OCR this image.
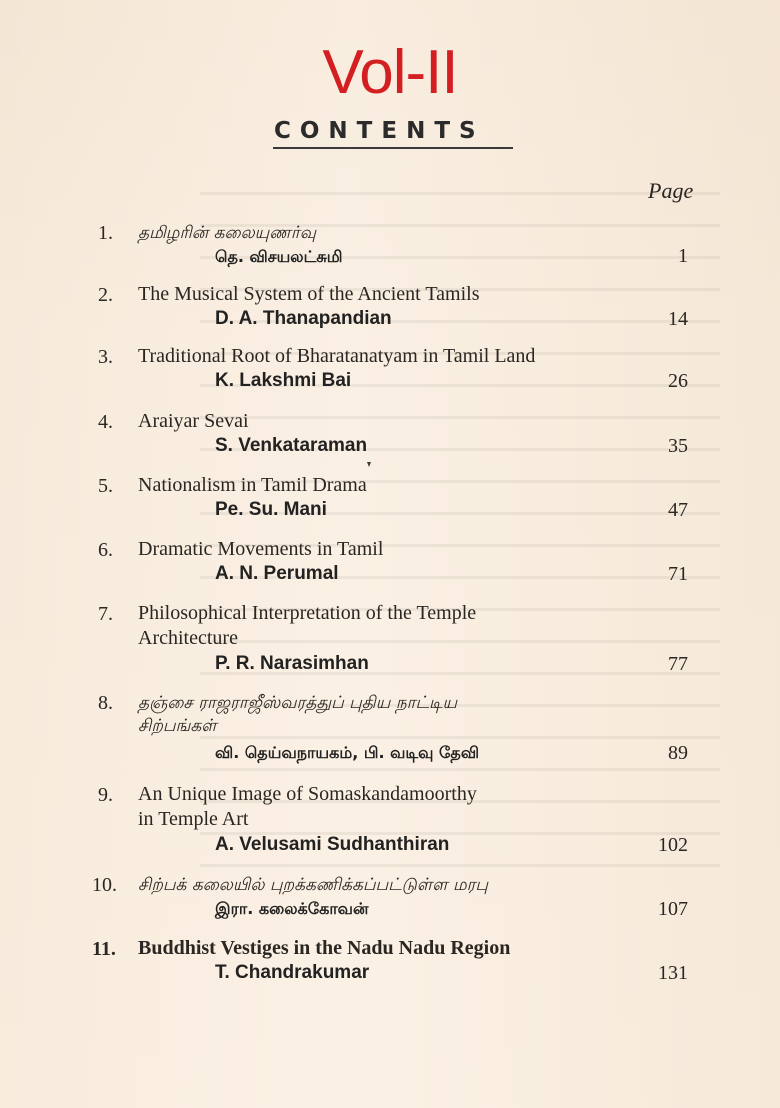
Vol-II
CONTENTS
Page
1. தமிழரின் கலையுணர்வு
தெ. விசயலட்சுமி	1
2. The Musical System of the Ancient Tamils
D. A. Thanapandian	14
3. Traditional Root of Bharatanatyam in Tamil Land
K. Lakshmi Bai	26
4. Araiyar Sevai
S. Venkataraman	35
5. Nationalism in Tamil Drama
Pe. Su. Mani	47
6. Dramatic Movements in Tamil
A. N. Perumal	71
7. Philosophical Interpretation of the Temple
Architecture
P. R. Narasimhan	77
8. தஞ்சை ராஜராஜீஸ்வரத்துப் புதிய நாட்டிய
சிற்பங்கள்
வி. தெய்வநாயகம், பி. வடிவு தேவி	89
9. An Unique Image of Somaskandamoorthy
in Temple Art
A. Velusami Sudhanthiran	102
10. சிற்பக் கலையில் புறக்கணிக்கப்பட்டுள்ள மரபு
இரா. கலைக்கோவன்	107
11. Buddhist Vestiges in the Nadu Nadu Region
T. Chandrakumar	131
